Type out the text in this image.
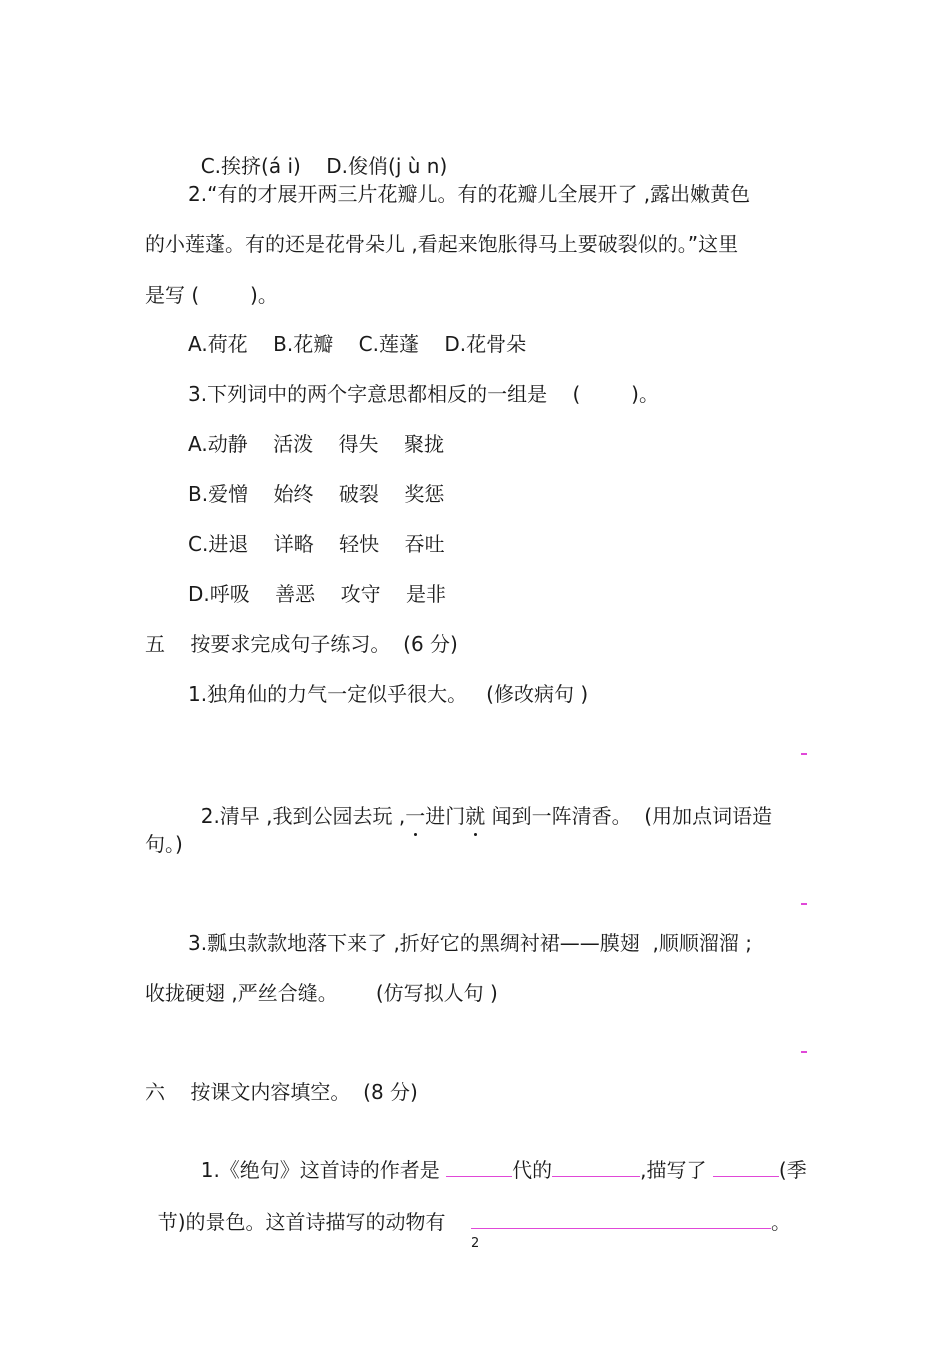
C.挨挤(á i) D.俊俏(j ù n)

2.“有的才展开两三片花瓣儿。有的花瓣儿全展开了 ,露出嫩黄色
的小莲蓬。有的还是花骨朵儿 ,看起来饱胀得马上要破裂似的。”这里
是写 (        )。
A.荷花    B.花瓣    C.莲蓬    D.花骨朵
3.下列词中的两个字意思都相反的一组是    (        )。
A.动静    活泼    得失    聚拢
B.爱憎    始终    破裂    奖惩
C.进退    详略    轻快    吞吐
D.呼吸    善恶    攻守    是非
五    按要求完成句子练习。  (6 分)
1.独角仙的力气一定似乎很大。   (修改病句 )

2.清早 ,我到公园去玩 ,一进门就 闻到一阵清香。  (用加点词语造

句。)
3.瓢虫款款地落下来了 ,折好它的黑绸衬裙——膜翅  ,顺顺溜溜 ;
收拢硬翅 ,严丝合缝。      (仿写拟人句 )
六    按课文内容填空。  (8 分)

1.《绝句》这首诗的作者是	代的	,描写了	(季

节)的景色。这首诗描写的动物有	。

2
